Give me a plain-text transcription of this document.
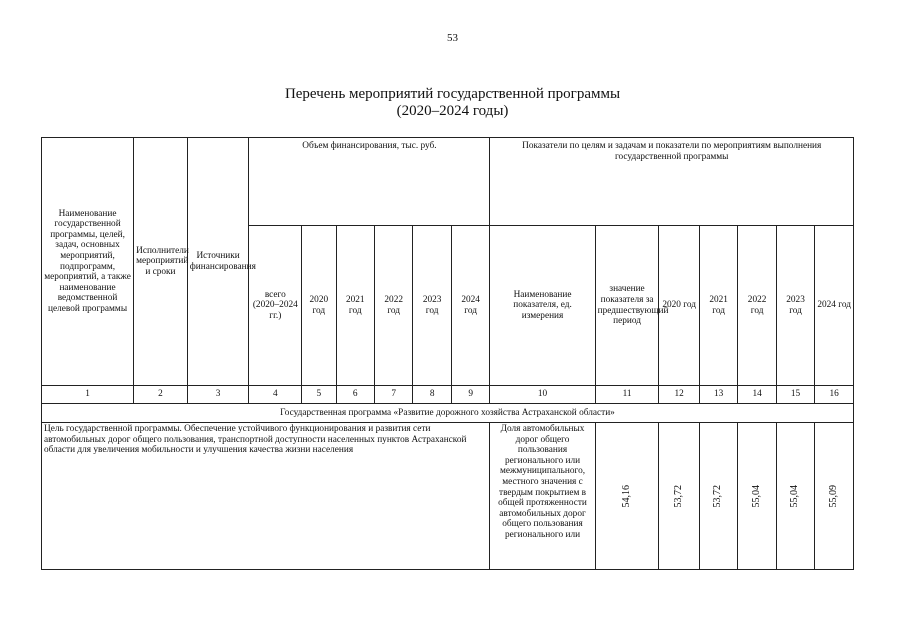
53
Перечень мероприятий государственной программы
(2020–2024 годы)
Наименование государственной программы, целей, задач, основных мероприятий, подпрограмм, мероприятий, а также наименование ведомственной целевой программы	Исполнители мероприятий и сроки	Источники финансирования	Объем финансирования, тыс. руб.						Показатели по целям и задачам и показатели по мероприятиям выполнения государственной программы						
			всего (2020–2024 гг.)	2020 год	2021 год	2022 год	2023 год	2024 год	Наименование показателя, ед. измерения	значение показателя за предшествующий период	2020 год	2021 год	2022 год	2023 год	2024 год
1	2	3	4	5	6	7	8	9	10	11	12	13	14	15	16
Государственная программа «Развитие дорожного хозяйства Астраханской области»															
Цель государственной программы. Обеспечение устойчивого функционирования и развития сети автомобильных дорог общего пользования, транспортной доступности населенных пунктов Астраханской области для увеличения мобильности и улучшения качества жизни населения									Доля автомобильных дорог общего пользования регионального или межмуниципального, местного значения с твердым покрытием в общей протяженности автомобильных дорог общего пользования регионального или	54,16	53,72	53,72	55,04	55,04	55,09
